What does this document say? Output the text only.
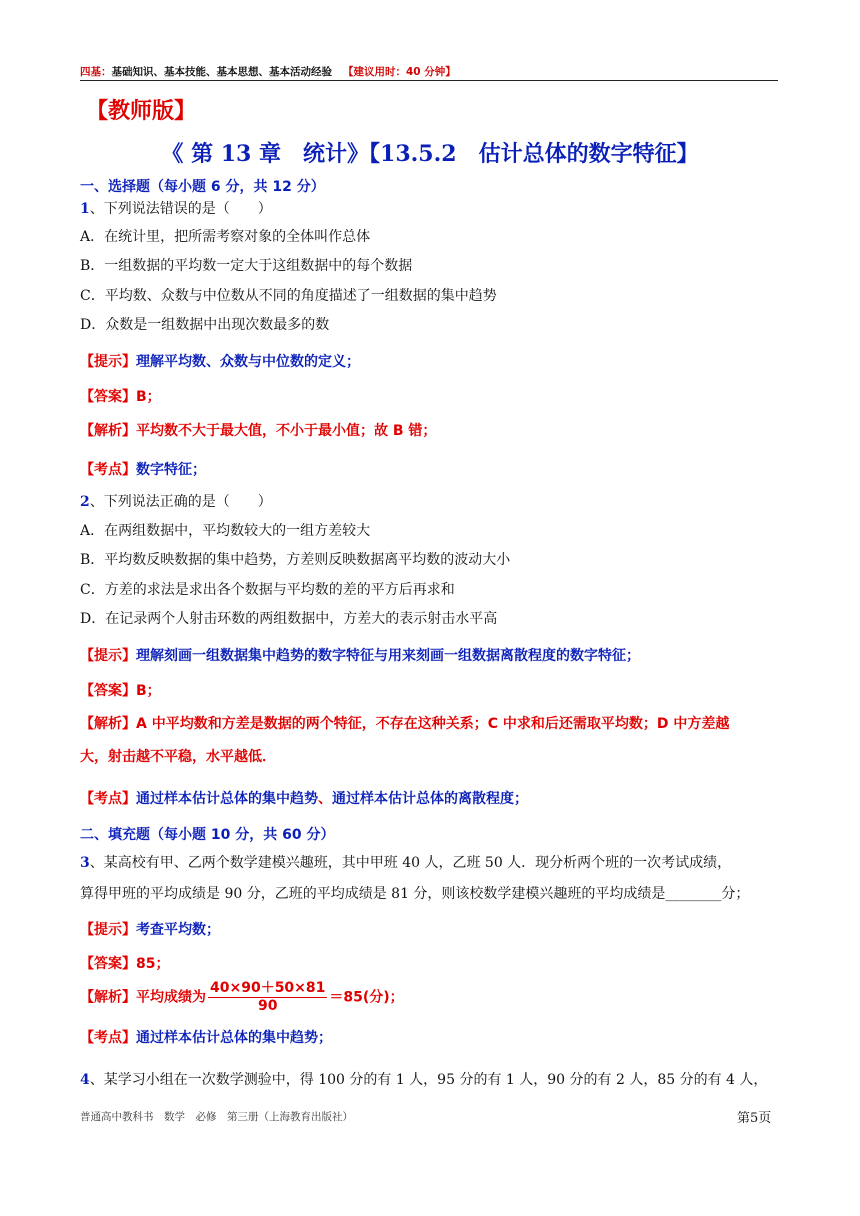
四基：基础知识、基本技能、基本思想、基本活动经验 【建议用时：40 分钟】
【教师版】
《 第 13 章　统计》【13.5.2　估计总体的数字特征】
一、选择题（每小题 6 分，共 12 分）
1、下列说法错误的是（　　）
A．在统计里，把所需考察对象的全体叫作总体
B．一组数据的平均数一定大于这组数据中的每个数据
C．平均数、众数与中位数从不同的角度描述了一组数据的集中趋势
D．众数是一组数据中出现次数最多的数
【提示】理解平均数、众数与中位数的定义；
【答案】B；
【解析】平均数不大于最大值，不小于最小值；故 B 错；
【考点】数字特征；
2、下列说法正确的是（　　）
A．在两组数据中，平均数较大的一组方差较大
B．平均数反映数据的集中趋势，方差则反映数据离平均数的波动大小
C．方差的求法是求出各个数据与平均数的差的平方后再求和
D．在记录两个人射击环数的两组数据中，方差大的表示射击水平高
【提示】理解刻画一组数据集中趋势的数字特征与用来刻画一组数据离散程度的数字特征；
【答案】B；
【解析】A 中平均数和方差是数据的两个特征，不存在这种关系；C 中求和后还需取平均数；D 中方差越
大，射击越不平稳，水平越低．
【考点】通过样本估计总体的集中趋势、通过样本估计总体的离散程度；
二、填充题（每小题 10 分，共 60 分）
3、某高校有甲、乙两个数学建模兴趣班，其中甲班 40 人，乙班 50 人．现分析两个班的一次考试成绩，
算得甲班的平均成绩是 90 分，乙班的平均成绩是 81 分，则该校数学建模兴趣班的平均成绩是________分；
【提示】考查平均数；
【答案】85；
【解析】平均成绩为 $\frac{40\times 90+50\times 81}{90} =85$(分)；
【考点】通过样本估计总体的集中趋势；
4、某学习小组在一次数学测验中，得 100 分的有 1 人，95 分的有 1 人，90 分的有 2 人，85 分的有 4 人，
普通高中教科书　数学　必修　第三册（上海教育出版社）	第5页
